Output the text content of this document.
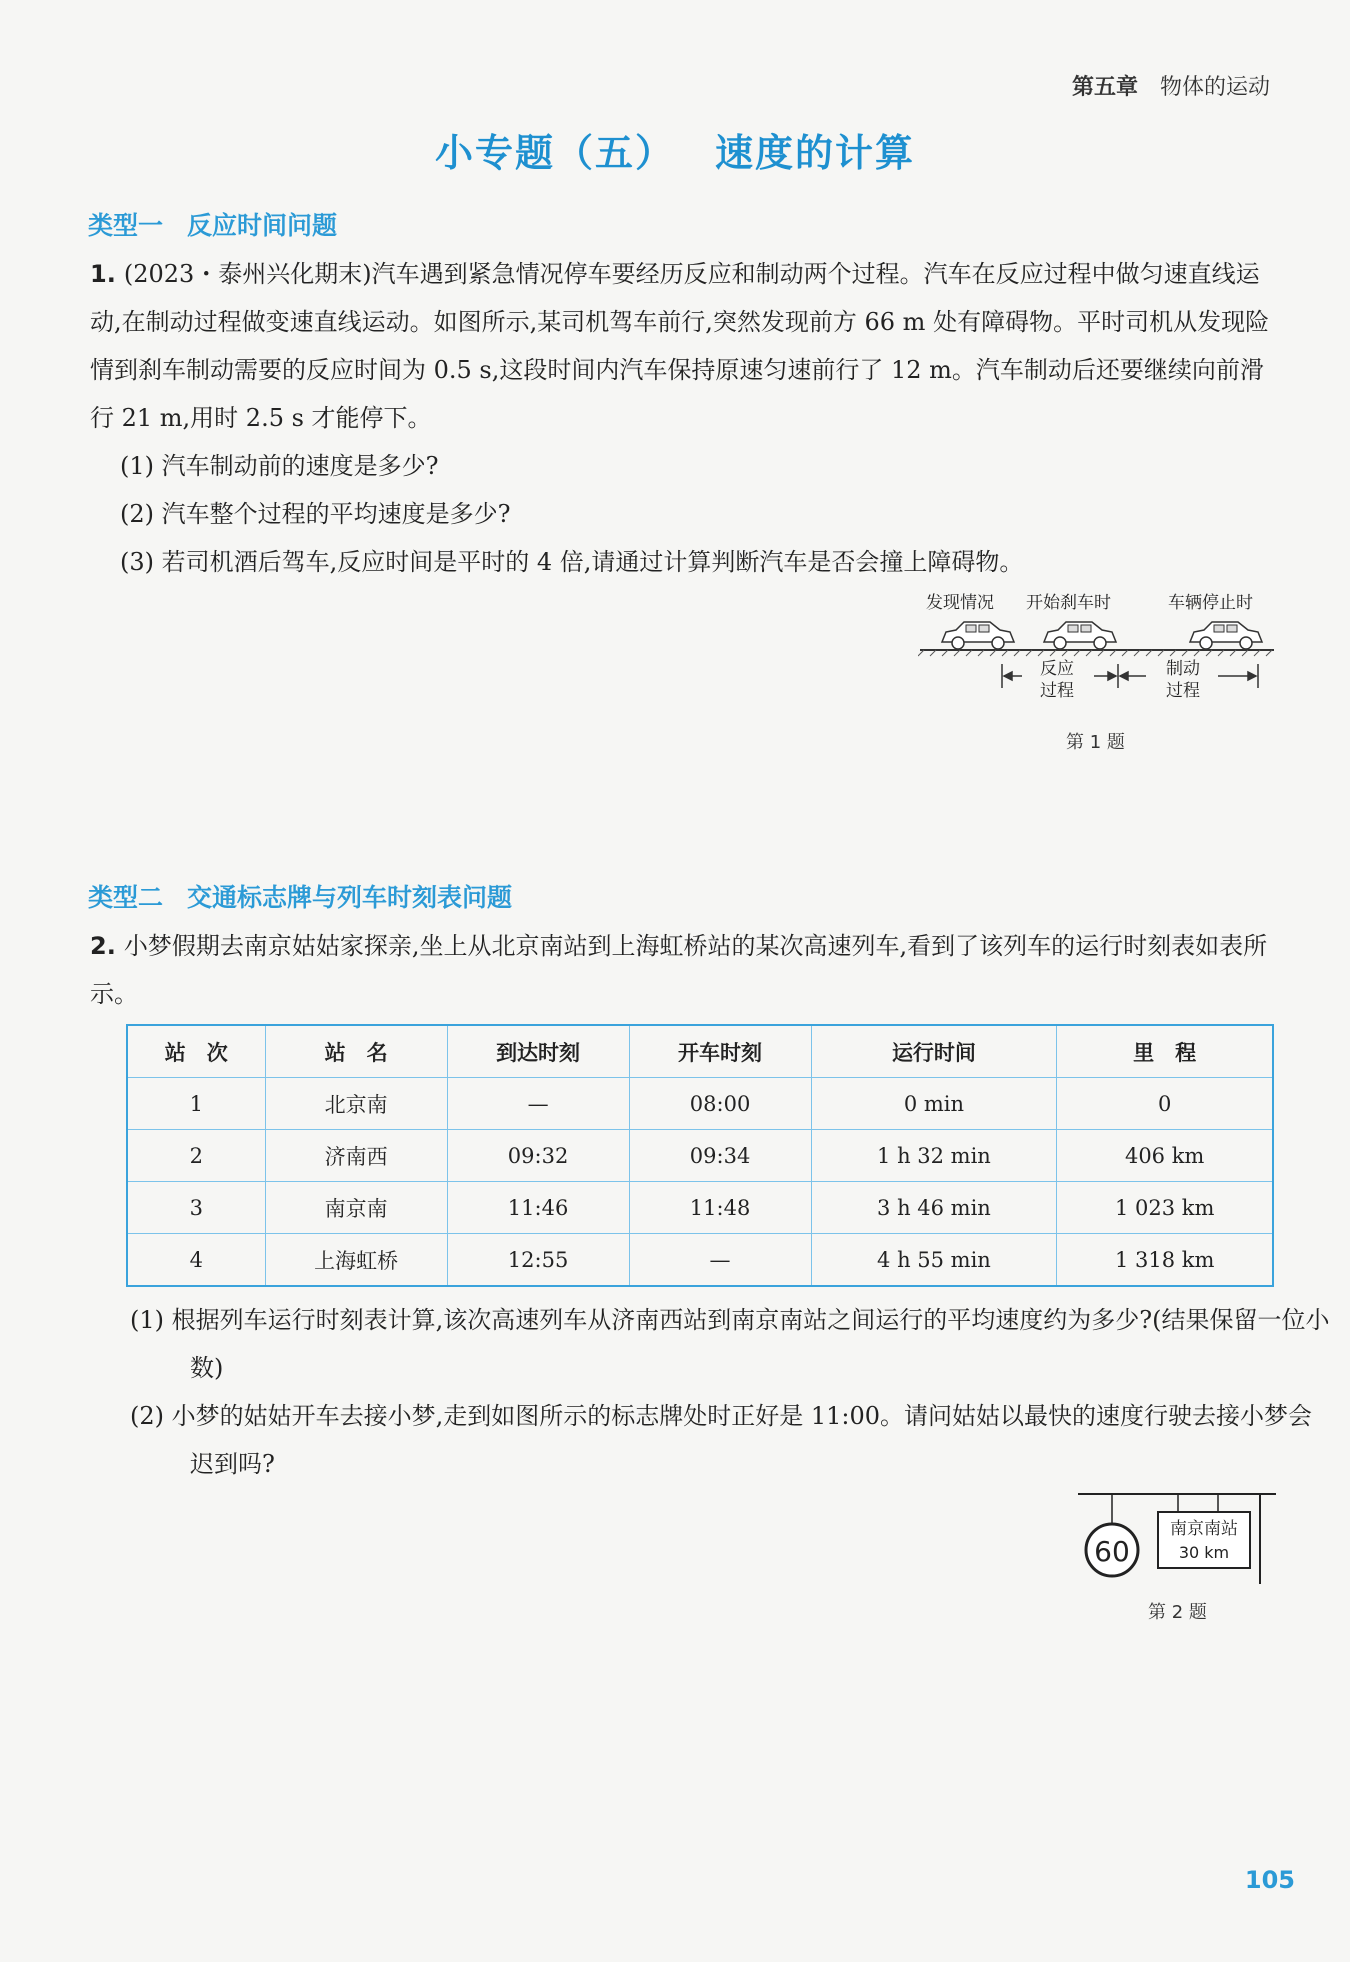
第五章 物体的运动
小专题（五） 速度的计算
类型一 反应时间问题
1. (2023・泰州兴化期末)汽车遇到紧急情况停车要经历反应和制动两个过程。汽车在反应过程中做匀速直线运动,在制动过程做变速直线运动。如图所示,某司机驾车前行,突然发现前方 66 m 处有障碍物。平时司机从发现险情到刹车制动需要的反应时间为 0.5 s,这段时间内汽车保持原速匀速前行了 12 m。汽车制动后还要继续向前滑行 21 m,用时 2.5 s 才能停下。
(1) 汽车制动前的速度是多少?
(2) 汽车整个过程的平均速度是多少?
(3) 若司机酒后驾车,反应时间是平时的 4 倍,请通过计算判断汽车是否会撞上障碍物。
发现情况 开始刹车时	车辆停止时
反应
过程
制动
过程
第 1 题
类型二 交通标志牌与列车时刻表问题
2. 小梦假期去南京姑姑家探亲,坐上从北京南站到上海虹桥站的某次高速列车,看到了该列车的运行时刻表如表所示。
站　次	站　名	到达时刻	开车时刻	运行时间	里　程
1	北京南	—	08:00	0 min	0
2	济南西	09:32	09:34	1 h 32 min	406 km
3	南京南	11:46	11:48	3 h 46 min	1 023 km
4	上海虹桥	12:55	—	4 h 55 min	1 318 km
(1) 根据列车运行时刻表计算,该次高速列车从济南西站到南京南站之间运行的平均速度约为多少?(结果保留一位小数)
(2) 小梦的姑姑开车去接小梦,走到如图所示的标志牌处时正好是 11:00。请问姑姑以最快的速度行驶去接小梦会迟到吗?
60
南京南站
30 km
第 2 题
105
